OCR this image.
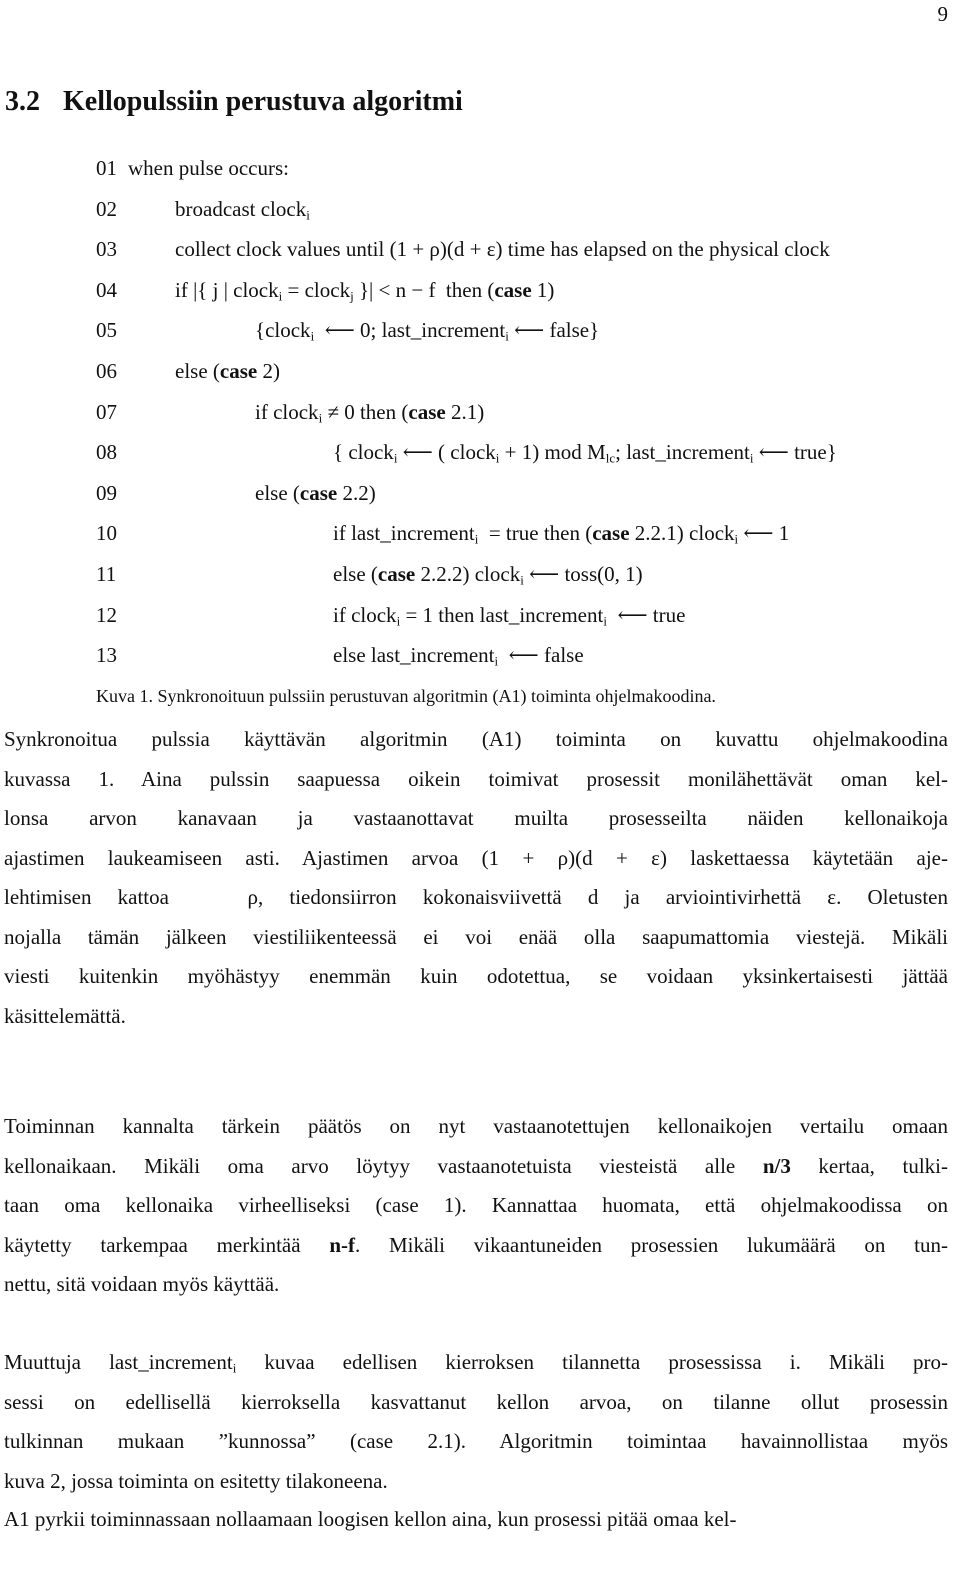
9
3.2 Kellopulssiin perustuva algoritmi
01 when pulse occurs:
02	broadcast clock$_i$
03	collect clock values until (1 + ρ)(d + ε) time has elapsed on the physical clock
04	if |{ j | clock$_i$ = clock$_j$ }| < n − f  then (case 1)
05	{clock$_i$  ⟵ 0; last_increment$_i$ ⟵ false}
06	else (case 2)
07	if clock$_i$ ≠ 0 then (case 2.1)
08	{ clock$_i$ ⟵ ( clock$_i$ + 1) mod $M_{lc}$; last_increment$_i$ ⟵ true}
09	else (case 2.2)
10	if last_increment$_i$  = true then (case 2.2.1) clock$_i$ ⟵ 1
11	else (case 2.2.2) clock$_i$ ⟵ toss(0, 1)
12	if clock$_i$ = 1 then last_increment$_i$  ⟵ true
13	else last_increment$_i$  ⟵ false

Kuva 1. Synkronoituun pulssiin perustuvan algoritmin (A1) toiminta ohjelmakoodina.

Synkronoitua pulssia käyttävän algoritmin (A1) toiminta on kuvattu ohjelmakoodina
kuvassa 1. Aina pulssin saapuessa oikein toimivat prosessit monilähettävät oman kel-
lonsa arvon kanavaan ja vastaanottavat muilta prosesseilta näiden kellonaikoja
ajastimen laukeamiseen asti. Ajastimen arvoa (1 + ρ)(d + ε) laskettaessa käytetään aje-
lehtimisen kattoa   ρ, tiedonsiirron kokonaisviivettä d ja arviointivirhettä ε. Oletusten
nojalla tämän jälkeen viestiliikenteessä ei voi enää olla saapumattomia viestejä. Mikäli
viesti kuitenkin myöhästyy enemmän kuin odotettua, se voidaan yksinkertaisesti jättää
käsittelemättä.

Toiminnan kannalta tärkein päätös on nyt vastaanotettujen kellonaikojen vertailu omaan
kellonaikaan. Mikäli oma arvo löytyy vastaanotetuista viesteistä alle n/3 kertaa, tulki-
taan oma kellonaika virheelliseksi (case 1). Kannattaa huomata, että ohjelmakoodissa on
käytetty tarkempaa merkintää n-f. Mikäli vikaantuneiden prosessien lukumäärä on tun-
nettu, sitä voidaan myös käyttää.

Muuttuja last_increment$_i$ kuvaa edellisen kierroksen tilannetta prosessissa i. Mikäli pro-
sessi on edellisellä kierroksella kasvattanut kellon arvoa, on tilanne ollut prosessin
tulkinnan mukaan ”kunnossa” (case 2.1). Algoritmin toimintaa havainnollistaa myös
kuva 2, jossa toiminta on esitetty tilakoneena.

A1 pyrkii toiminnassaan nollaamaan loogisen kellon aina, kun prosessi pitää omaa kel-
